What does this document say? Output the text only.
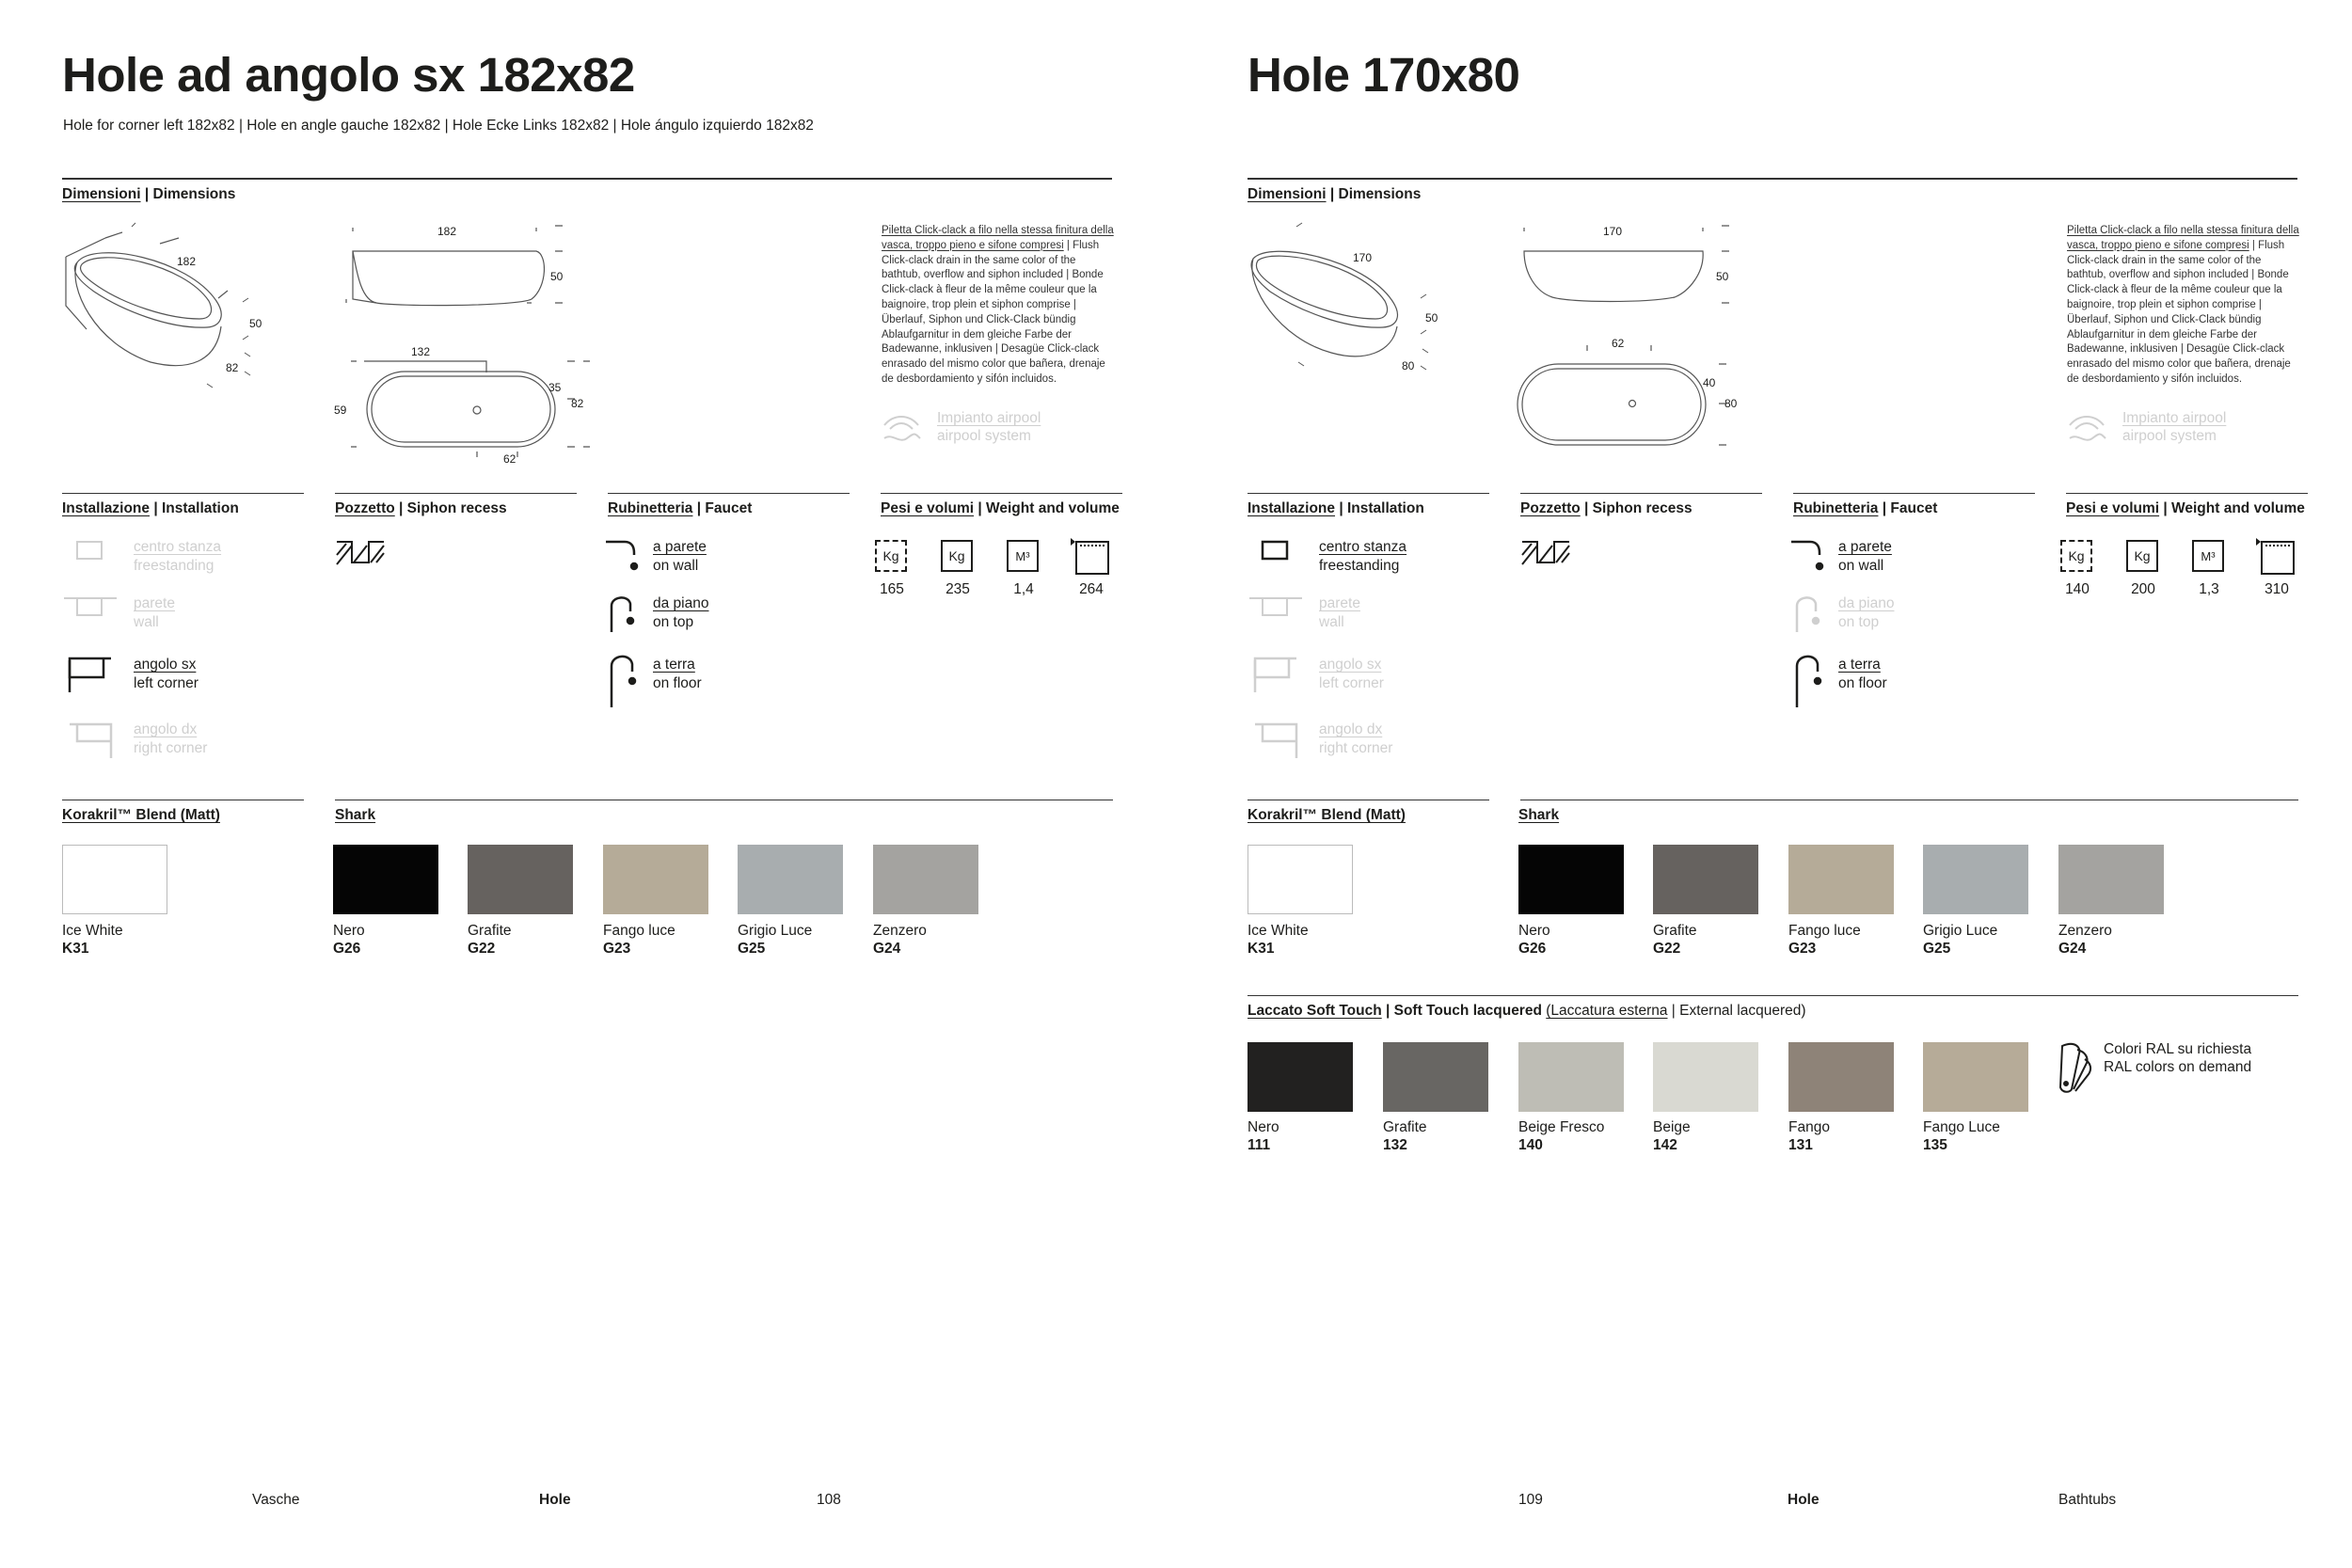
Hole ad angolo sx 182x82
Hole for corner left 182x82 | Hole en angle gauche 182x82 | Hole Ecke Links 182x82 | Hole ángulo izquierdo 182x82
Dimensioni | Dimensions
182
50
82
182
50
132
59
35
82
62
Piletta Click-clack a filo nella stessa finitura della
vasca, troppo pieno e sifone compresi | Flush
Click-clack drain in the same color of the
bathtub, overflow and siphon included | Bonde
Click-clack à fleur de la même couleur que la
baignoire, trop plein et siphon comprise |
Überlauf, Siphon und Click-Clack bündig
Ablaufgarnitur in dem gleiche Farbe der
Badewanne, inklusiven | Desagüe Click-clack
enrasado del mismo color que bañera, drenaje
de desbordamiento y sifón incluidos.
Impianto airpool
airpool system
Installazione | Installation	Pozzetto | Siphon recess	Rubinetteria | Faucet	Pesi e volumi | Weight and volume
centro stanza
freestanding
parete
wall
angolo sx
left corner
angolo dx
right corner
a parete
on wall
da piano
on top
a terra
on floor
Kg	Kg	M³
165	235	1,4	264
Korakril™ Blend (Matt)	Shark
Ice White
K31
Nero
G26
Grafite
G22
Fango luce
G23
Grigio Luce
G25
Zenzero
G24
Vasche	Hole	108
Hole 170x80
Dimensioni | Dimensions
170
50
80
170
50
62
40
80
Piletta Click-clack a filo nella stessa finitura della
vasca, troppo pieno e sifone compresi | Flush
Click-clack drain in the same color of the
bathtub, overflow and siphon included | Bonde
Click-clack à fleur de la même couleur que la
baignoire, trop plein et siphon comprise |
Überlauf, Siphon und Click-Clack bündig
Ablaufgarnitur in dem gleiche Farbe der
Badewanne, inklusiven | Desagüe Click-clack
enrasado del mismo color que bañera, drenaje
de desbordamiento y sifón incluidos.
Impianto airpool
airpool system
Installazione | Installation	Pozzetto | Siphon recess	Rubinetteria | Faucet	Pesi e volumi | Weight and volume
centro stanza
freestanding
parete
wall
angolo sx
left corner
angolo dx
right corner
a parete
on wall
da piano
on top
a terra
on floor
Kg	Kg	M³
140	200	1,3	310
Korakril™ Blend (Matt)	Shark
Ice White
K31
Nero
G26
Grafite
G22
Fango luce
G23
Grigio Luce
G25
Zenzero
G24
Laccato Soft Touch | Soft Touch lacquered (Laccatura esterna | External lacquered)
Nero
111
Grafite
132
Beige Fresco
140
Beige
142
Fango
131
Fango Luce
135
Colori RAL su richiesta
RAL colors on demand
109	Hole	Bathtubs
